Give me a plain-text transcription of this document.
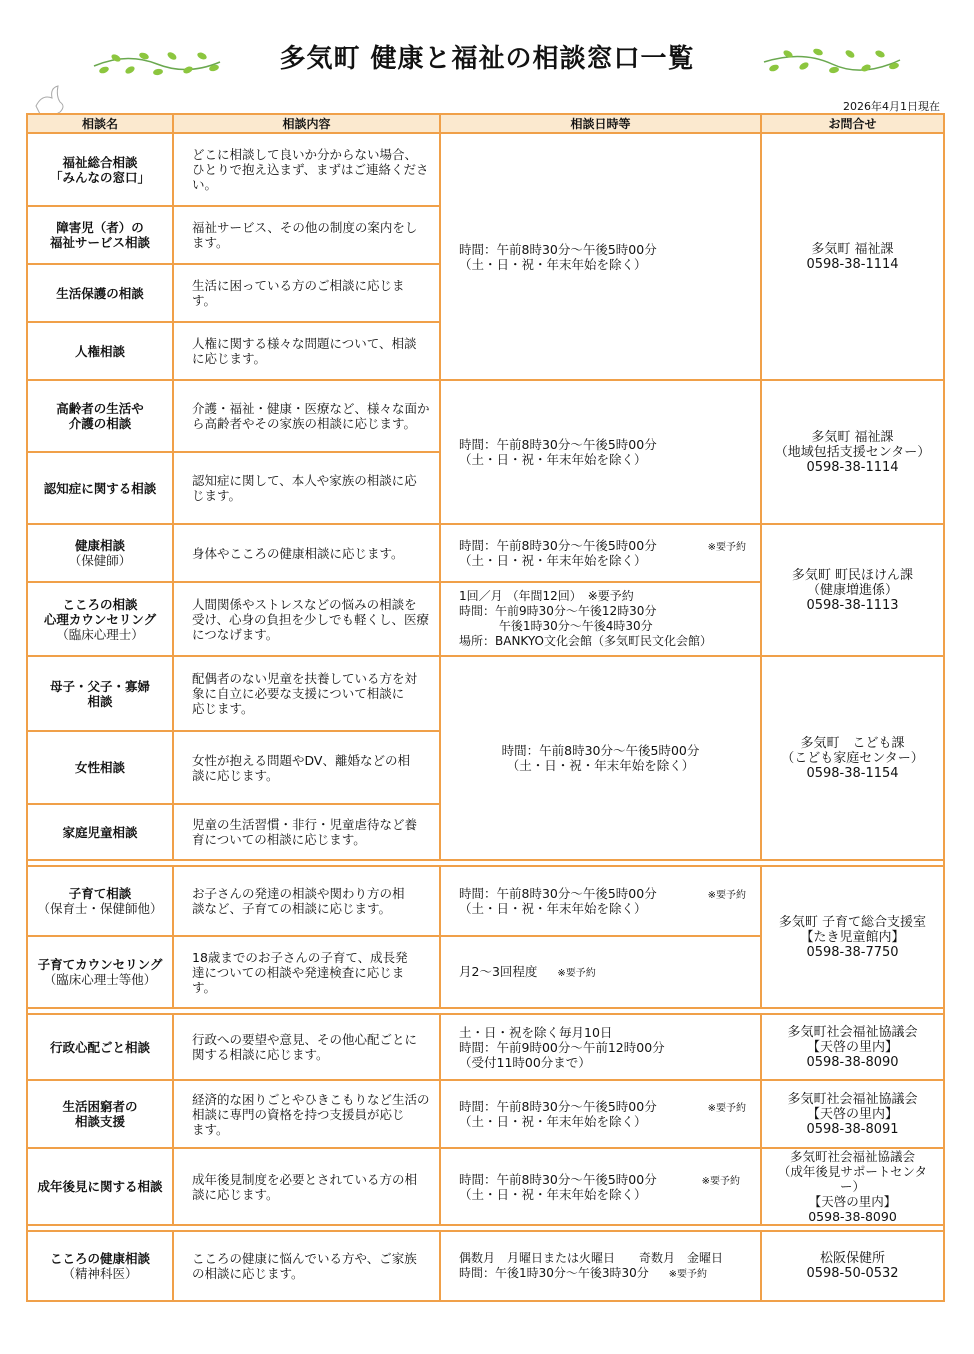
多気町 健康と福祉の相談窓口一覧
2026年4月1日現在
相談名	相談内容	相談日時等	お問合せ
福祉総合相談
「みんなの窓口」	どこに相談して良いか分からない場合、
ひとりで抱え込まず、まずはご連絡くださ
い。	時間：午前8時30分～午後5時00分
（土・日・祝・年末年始を除く）	多気町 福祉課
0598-38-1114
障害児（者）の
福祉サービス相談	福祉サービス、その他の制度の案内をし
ます。		
生活保護の相談	生活に困っている方のご相談に応じま
す。		
人権相談	人権に関する様々な問題について、相談
に応じます。		
高齢者の生活や
介護の相談	介護・福祉・健康・医療など、様々な面か
ら高齢者やその家族の相談に応じます。	時間：午前8時30分～午後5時00分
（土・日・祝・年末年始を除く）	多気町 福祉課
（地域包括支援センター）
0598-38-1114
認知症に関する相談	認知症に関して、本人や家族の相談に応
じます。		
健康相談
（保健師）	身体やこころの健康相談に応じます。	時間：午前8時30分～午後5時00分
（土・日・祝・年末年始を除く）
※要予約	多気町 町民ほけん課
（健康増進係）
0598-38-1113
こころの相談
心理カウンセリング
（臨床心理士）	人間関係やストレスなどの悩みの相談を
受け、心身の負担を少しでも軽くし、医療
につなげます。	1回／月 （年間12回）　※要予約
時間：午前9時30分～午後12時30分
　　　 午後1時30分～午後4時30分
場所：BANKYO文化会館（多気町民文化会館）	
母子・父子・寡婦
相談	配偶者のない児童を扶養している方を対
象に自立に必要な支援について相談に
応じます。	時間：午前8時30分～午後5時00分
（土・日・祝・年末年始を除く）	多気町　こども課
（こども家庭センター）
0598-38-1154
女性相談	女性が抱える問題やDV、離婚などの相
談に応じます。		
家庭児童相談	児童の生活習慣・非行・児童虐待など養
育についての相談に応じます。		

子育て相談
（保育士・保健師他）	お子さんの発達の相談や関わり方の相
談など、子育ての相談に応じます。	時間：午前8時30分～午後5時00分
（土・日・祝・年末年始を除く）
※要予約	多気町 子育て総合支援室
【たき児童館内】
0598-38-7750
子育てカウンセリング
（臨床心理士等他）	18歳までのお子さんの子育て、成長発
達についての相談や発達検査に応じま
す。	月2～3回程度 ※要予約	

行政心配ごと相談	行政への要望や意見、その他心配ごとに
関する相談に応じます。	土・日・祝を除く毎月10日
時間：午前9時00分～午前12時00分
（受付11時00分まで）	多気町社会福祉協議会
【天啓の里内】
0598-38-8090
生活困窮者の
相談支援	経済的な困りごとやひきこもりなど生活の
相談に専門の資格を持つ支援員が応じ
ます。	時間：午前8時30分～午後5時00分
（土・日・祝・年末年始を除く）
※要予約	多気町社会福祉協議会
【天啓の里内】
0598-38-8091
成年後見に関する相談	成年後見制度を必要とされている方の相
談に応じます。	時間：午前8時30分～午後5時00分
（土・日・祝・年末年始を除く）
※要予約	多気町社会福祉協議会
（成年後見サポートセンター）
【天啓の里内】
0598-38-8090

こころの健康相談
（精神科医）	こころの健康に悩んでいる方や、ご家族
の相談に応じます。	偶数月　月曜日または火曜日　　奇数月　金曜日
時間：午後1時30分～午後3時30分 ※要予約	松阪保健所
0598-50-0532
